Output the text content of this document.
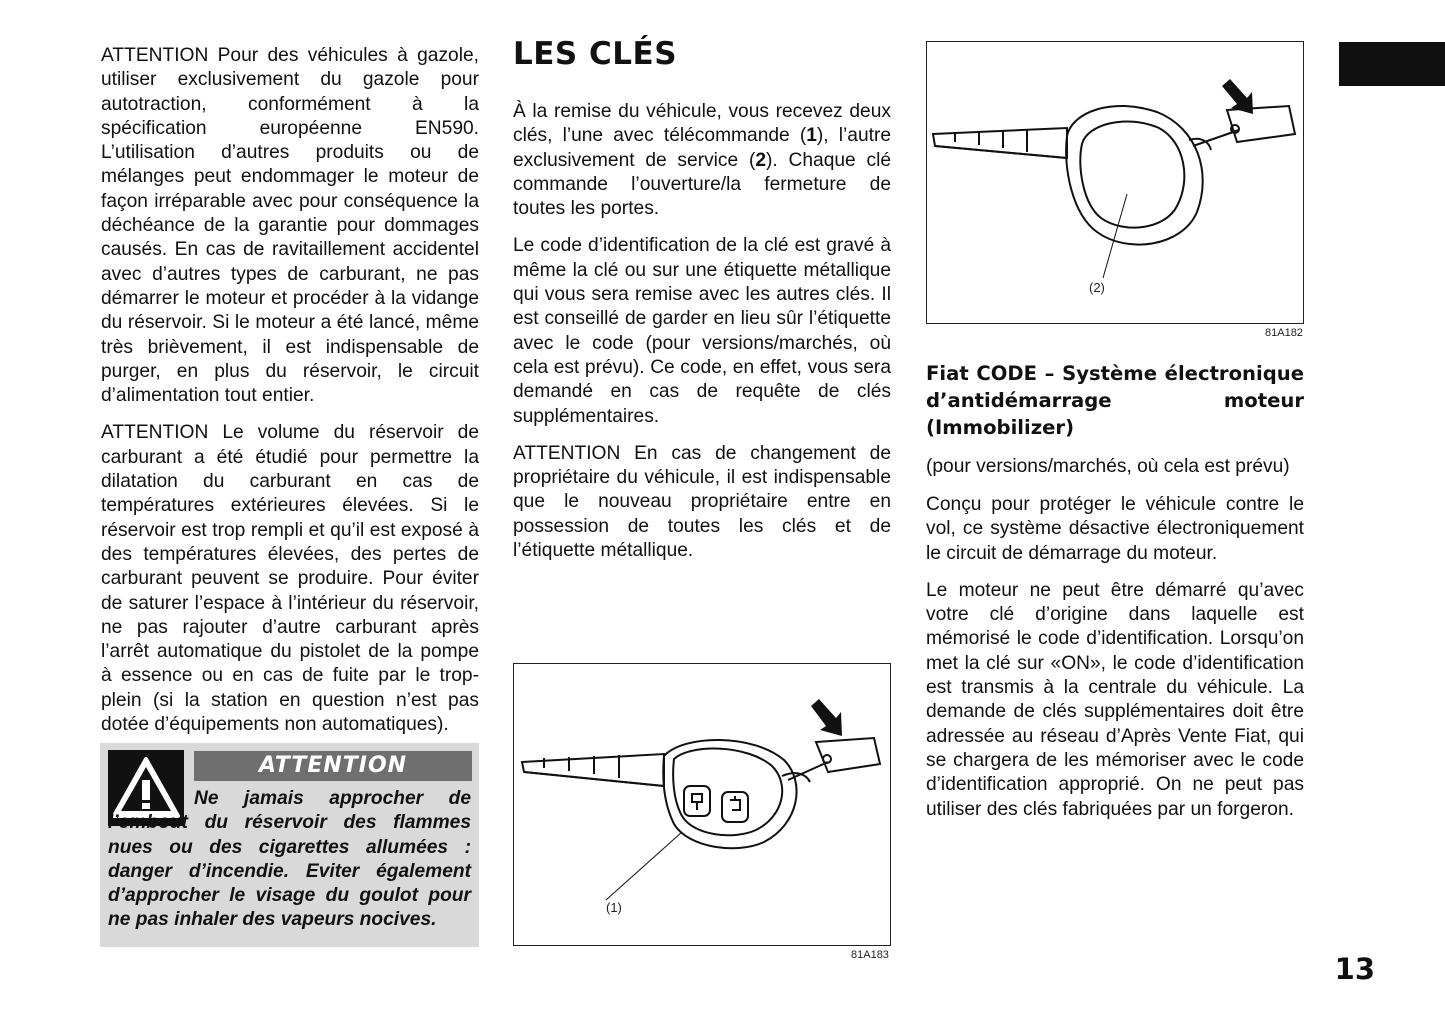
ATTENTION Pour des véhicules à gazole, utiliser exclusivement du gazole pour autotraction, conformément à la spécification européenne EN590. L’utilisation d’autres produits ou de mélanges peut endommager le moteur de façon irréparable avec pour conséquence la déchéance de la garantie pour dommages causés. En cas de ravitaillement accidentel avec d’autres types de carburant, ne pas démarrer le moteur et procéder à la vidange du réservoir. Si le moteur a été lancé, même très brièvement, il est indispensable de purger, en plus du réservoir, le circuit d’alimentation tout entier.

ATTENTION Le volume du réservoir de carburant a été étudié pour permettre la dilatation du carburant en cas de températures extérieures élevées. Si le réservoir est trop rempli et qu’il est exposé à des températures élevées, des pertes de carburant peuvent se produire. Pour éviter de saturer l’espace à l’intérieur du réservoir, ne pas rajouter d’autre carburant après l’arrêt automatique du pistolet de la pompe à essence ou en cas de fuite par le trop-plein (si la station en question n’est pas dotée d’équipements non automatiques).

ATTENTION

Ne jamais approcher de l’embout du réservoir des flammes nues ou des cigarettes allumées : danger d’incendie. Eviter également d’approcher le visage du goulot pour ne pas inhaler des vapeurs nocives.

LES CLÉS

À la remise du véhicule, vous recevez deux clés, l’une avec télécommande (1), l’autre exclusivement de service (2). Chaque clé commande l’ouverture/la fermeture de toutes les portes.

Le code d’identification de la clé est gravé à même la clé ou sur une étiquette métallique qui vous sera remise avec les autres clés. Il est conseillé de garder en lieu sûr l’étiquette avec le code (pour versions/marchés, où cela est prévu). Ce code, en effet, vous sera demandé en cas de requête de clés supplémentaires.

ATTENTION En cas de changement de propriétaire du véhicule, il est indispensable que le nouveau propriétaire entre en possession de toutes les clés et de l’étiquette métallique.

(1)
81A183
(2)
81A182

Fiat CODE – Système électronique d’antidémarrage moteur (Immobilizer)

(pour versions/marchés, où cela est prévu)

Conçu pour protéger le véhicule contre le vol, ce système désactive électroniquement le circuit de démarrage du moteur.

Le moteur ne peut être démarré qu’avec votre clé d’origine dans laquelle est mémorisé le code d’identification. Lorsqu’on met la clé sur «ON», le code d’identification est transmis à la centrale du véhicule. La demande de clés supplémentaires doit être adressée au réseau d’Après Vente Fiat, qui se chargera de les mémoriser avec le code d’identification approprié. On ne peut pas utiliser des clés fabriquées par un forgeron.

13
